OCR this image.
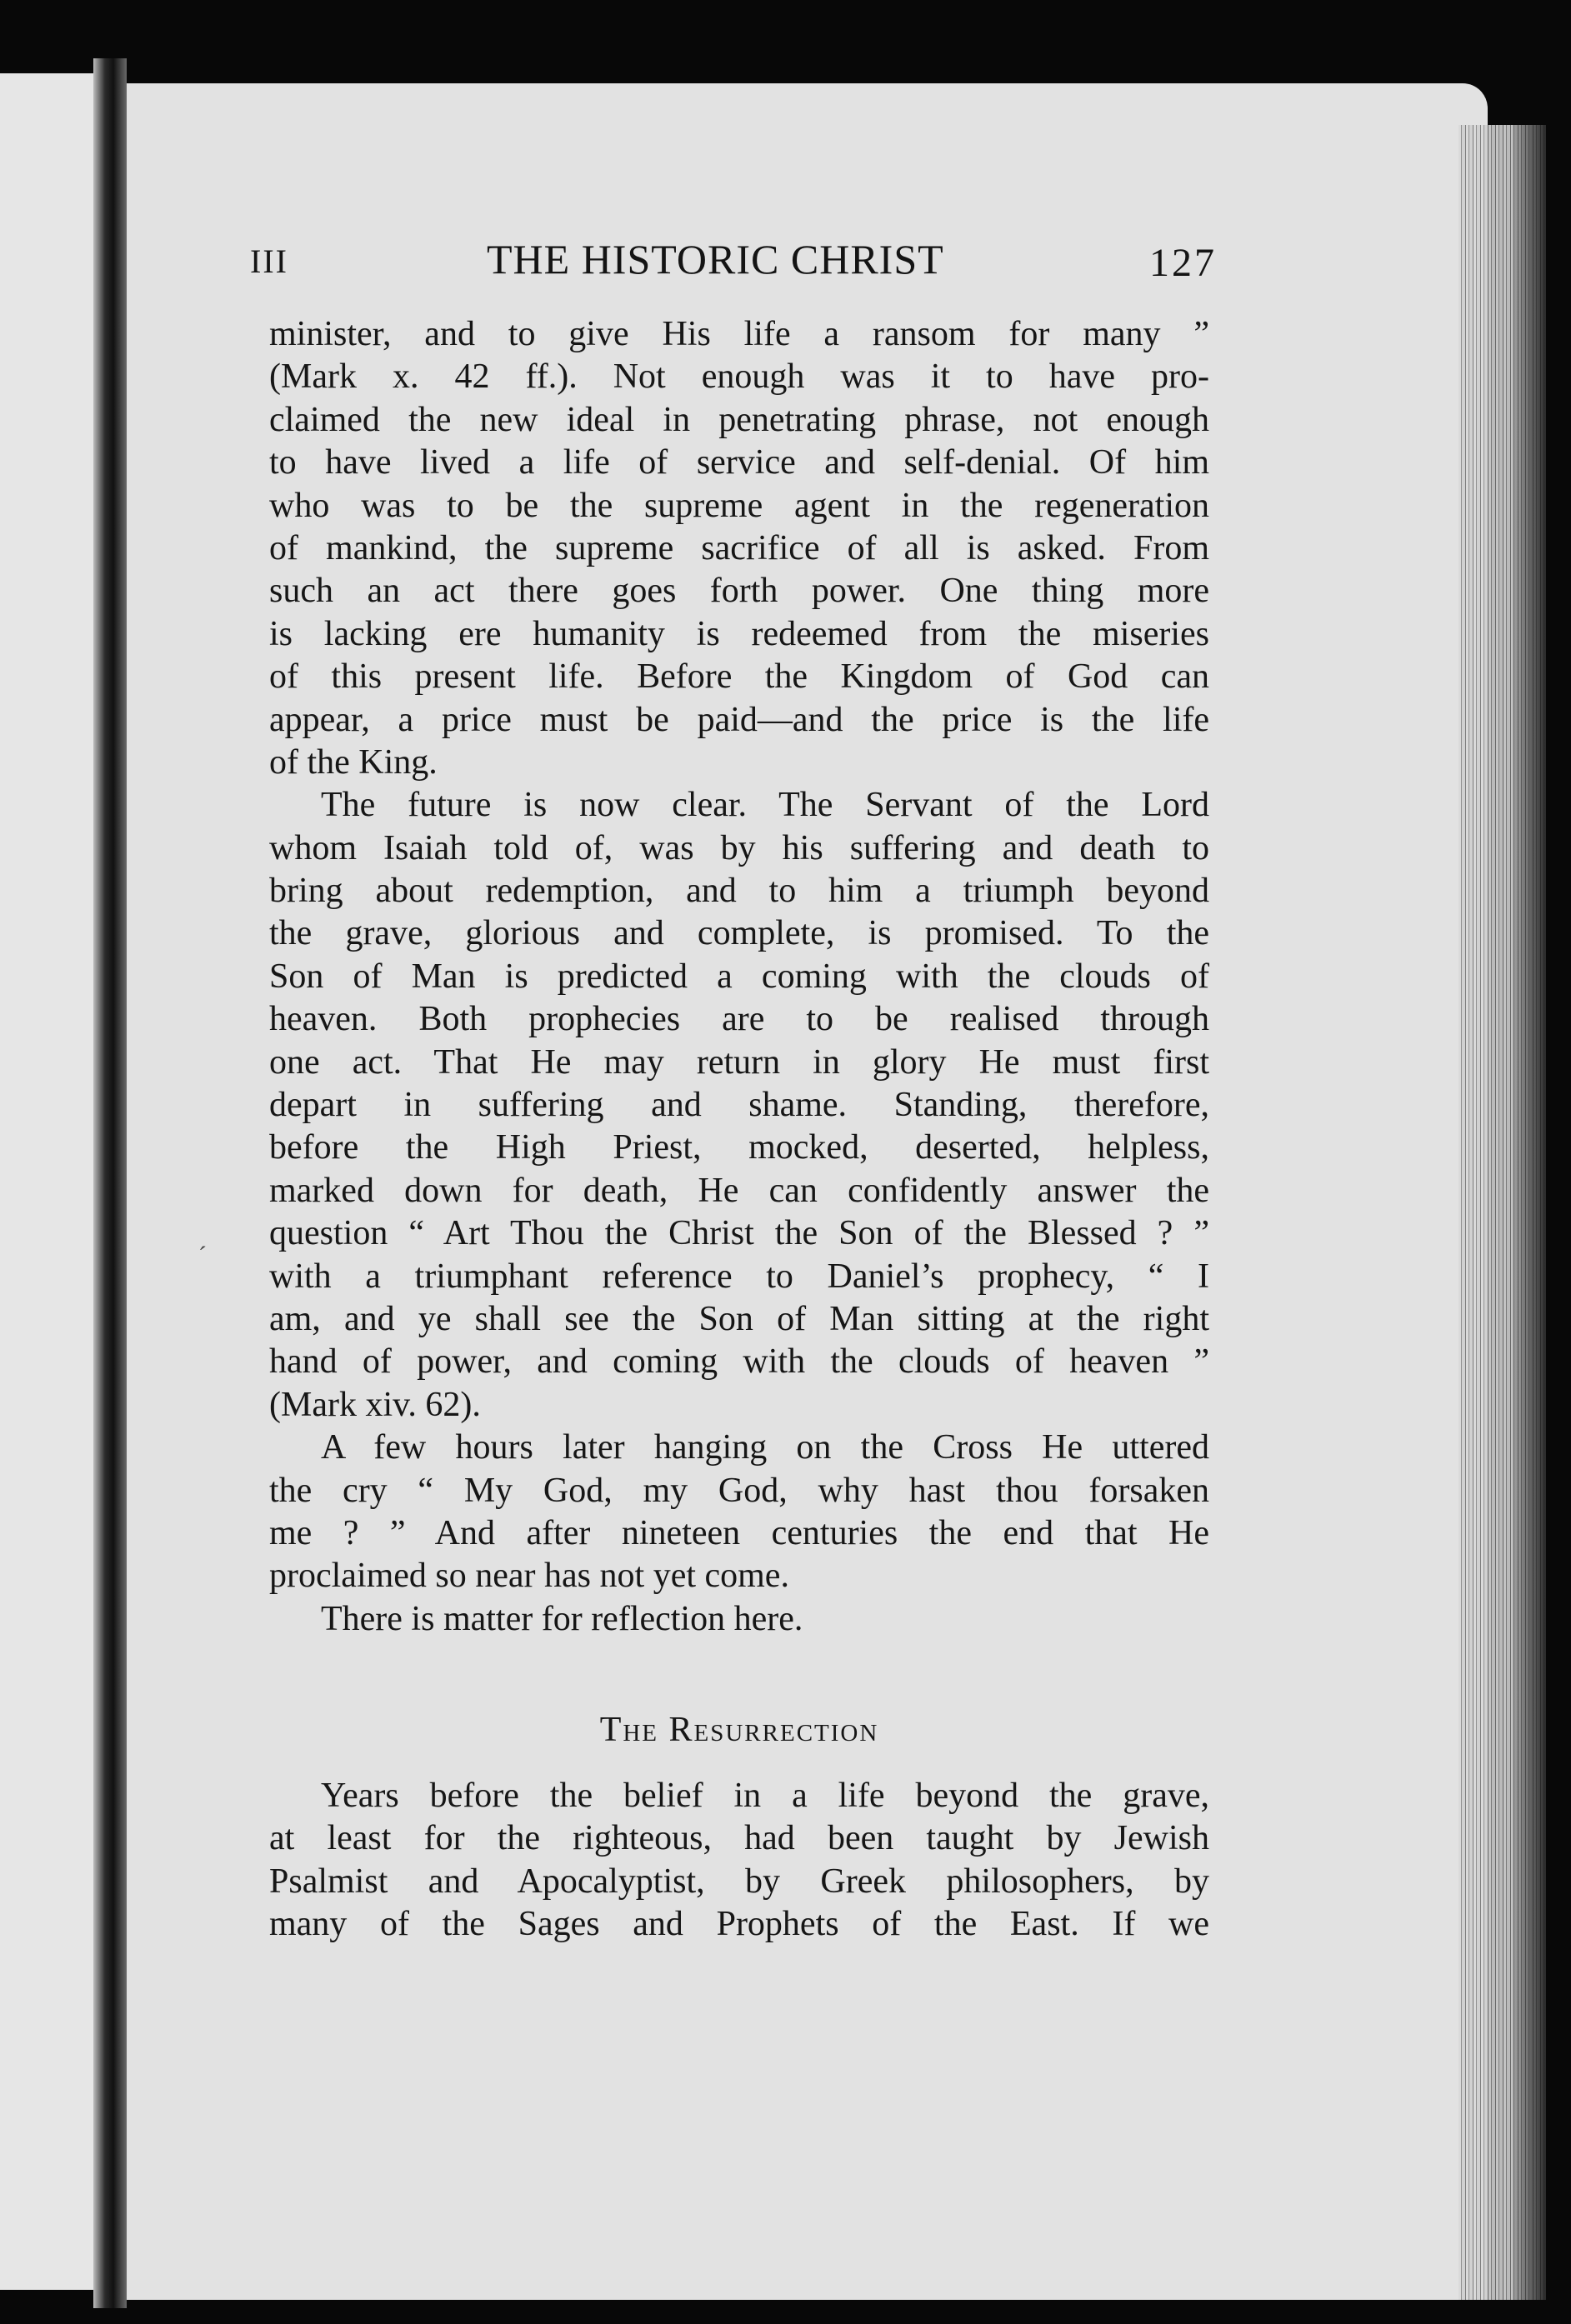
III	THE HISTORIC CHRIST	127
minister, and to give His life a ransom for many ”
(Mark x. 42 ff.). Not enough was it to have pro-
claimed the new ideal in penetrating phrase, not enough
to have lived a life of service and self-denial. Of him
who was to be the supreme agent in the regeneration
of mankind, the supreme sacrifice of all is asked. From
such an act there goes forth power. One thing more
is lacking ere humanity is redeemed from the miseries
of this present life. Before the Kingdom of God can
appear, a price must be paid—and the price is the life
of the King.
The future is now clear. The Servant of the Lord
whom Isaiah told of, was by his suffering and death to
bring about redemption, and to him a triumph beyond
the grave, glorious and complete, is promised. To the
Son of Man is predicted a coming with the clouds of
heaven. Both prophecies are to be realised through
one act. That He may return in glory He must first
depart in suffering and shame. Standing, therefore,
before the High Priest, mocked, deserted, helpless,
marked down for death, He can confidently answer the
question “ Art Thou the Christ the Son of the Blessed ? ”
with a triumphant reference to Daniel’s prophecy, “ I
am, and ye shall see the Son of Man sitting at the right
hand of power, and coming with the clouds of heaven ”
(Mark xiv. 62).
A few hours later hanging on the Cross He uttered
the cry “ My God, my God, why hast thou forsaken
me ? ” And after nineteen centuries the end that He
proclaimed so near has not yet come.
There is matter for reflection here.
The Resurrection
Years before the belief in a life beyond the grave,
at least for the righteous, had been taught by Jewish
Psalmist and Apocalyptist, by Greek philosophers, by
many of the Sages and Prophets of the East. If we
ˊ
